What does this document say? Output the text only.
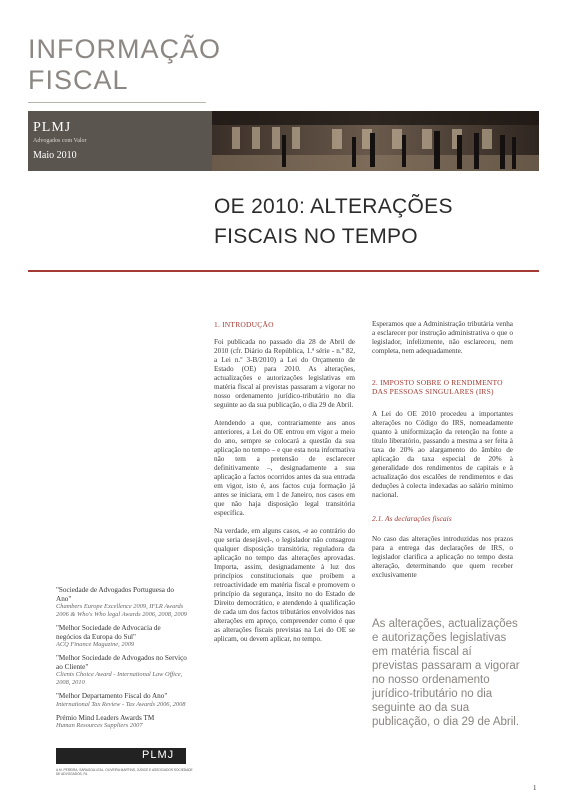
INFORMAÇÃO
FISCAL
PLMJ
Advogados com Valor
Maio 2010
OE 2010: ALTERAÇÕES
FISCAIS NO TEMPO
1. INTRODUÇÃO
Foi publicada no passado dia 28 de Abril de 2010 (cfr. Diário da República, 1.ª série - n.º 82, a Lei n.º 3-B/2010) a Lei do Orçamento de Estado (OE) para 2010. As alterações, actualizações e autorizações legislativas em matéria fiscal aí previstas passaram a vigorar no nosso ordenamento jurídico-tributário no dia seguinte ao da sua publicação, o dia 29 de Abril.
Atendendo a que, contrariamente aos anos anteriores, a Lei do OE entrou em vigor a meio do ano, sempre se colocará a questão da sua aplicação no tempo – e que esta nota informativa não tem a pretensão de esclarecer definitivamente –, designadamente a sua aplicação a factos ocorridos antes da sua entrada em vigor, isto é, aos factos cuja formação já antes se iniciara, em 1 de Janeiro, nos casos em que não haja disposição legal transitória específica.
Na verdade, em alguns casos, -e ao contrário do que seria desejável-, o legislador não consagrou qualquer disposição transitória, reguladora da aplicação no tempo das alterações aprovadas. Importa, assim, designadamente à luz dos princípios constitucionais que proíbem a retroactividade em matéria fiscal e promovem o princípio da segurança, ínsito no do Estado de Direito democrático, e atendendo à qualificação de cada um dos factos tributários envolvidos nas alterações em apreço, compreender como é que as alterações fiscais previstas na Lei do OE se aplicam, ou devem aplicar, no tempo.
Esperamos que a Administração tributária venha a esclarecer por instrução administrativa o que o legislador, infelizmente, não esclareceu, nem completa, nem adequadamente.
2. IMPOSTO SOBRE O RENDIMENTO DAS PESSOAS SINGULARES (IRS)
A Lei do OE 2010 procedeu a importantes alterações no Código do IRS, nomeadamente quanto à uniformização da retenção na fonte a título liberatório, passando a mesma a ser feita à taxa de 20% ao alargamento do âmbito de aplicação da taxa especial de 20% à generalidade dos rendimentos de capitais e à actualização dos escalões de rendimentos e das deduções à colecta indexadas ao salário mínimo nacional.
2.1. As declarações fiscais
No caso das alterações introduzidas nos prazos para a entrega das declarações de IRS, o legislador clarifica a aplicação no tempo desta alteração, determinando que quem receber exclusivamente
As alterações, actualizações e autorizações legislativas em matéria fiscal aí previstas passaram a vigorar no nosso ordenamento jurídico-tributário no dia seguinte ao da sua publicação, o dia 29 de Abril.
"Sociedade de Advogados Portuguesa do Ano"
Chambers Europe Excellence 2009, IFLR Awards 2006 & Who's Who legal Awards 2006, 2008, 2009
"Melhor Sociedade de Advocacia de negócios da Europa do Sul"
ACQ Finance Magazine, 2009
"Melhor Sociedade de Advogados no Serviço ao Cliente"
Clients Choice Award - International Law Office, 2008, 2010
"Melhor Departamento Fiscal do Ano"
International Tax Review - Tax Awards 2006, 2008
Prémio Mind Leaders Awards TM
Human Resources Suppliers 2007
PLMJ
A.M. PEREIRA, SÁRAGGA LEAL, OLIVEIRA MARTINS, JÚDICE E ASSOCIADOS SOCIEDADE DE ADVOGADOS, RL
1
